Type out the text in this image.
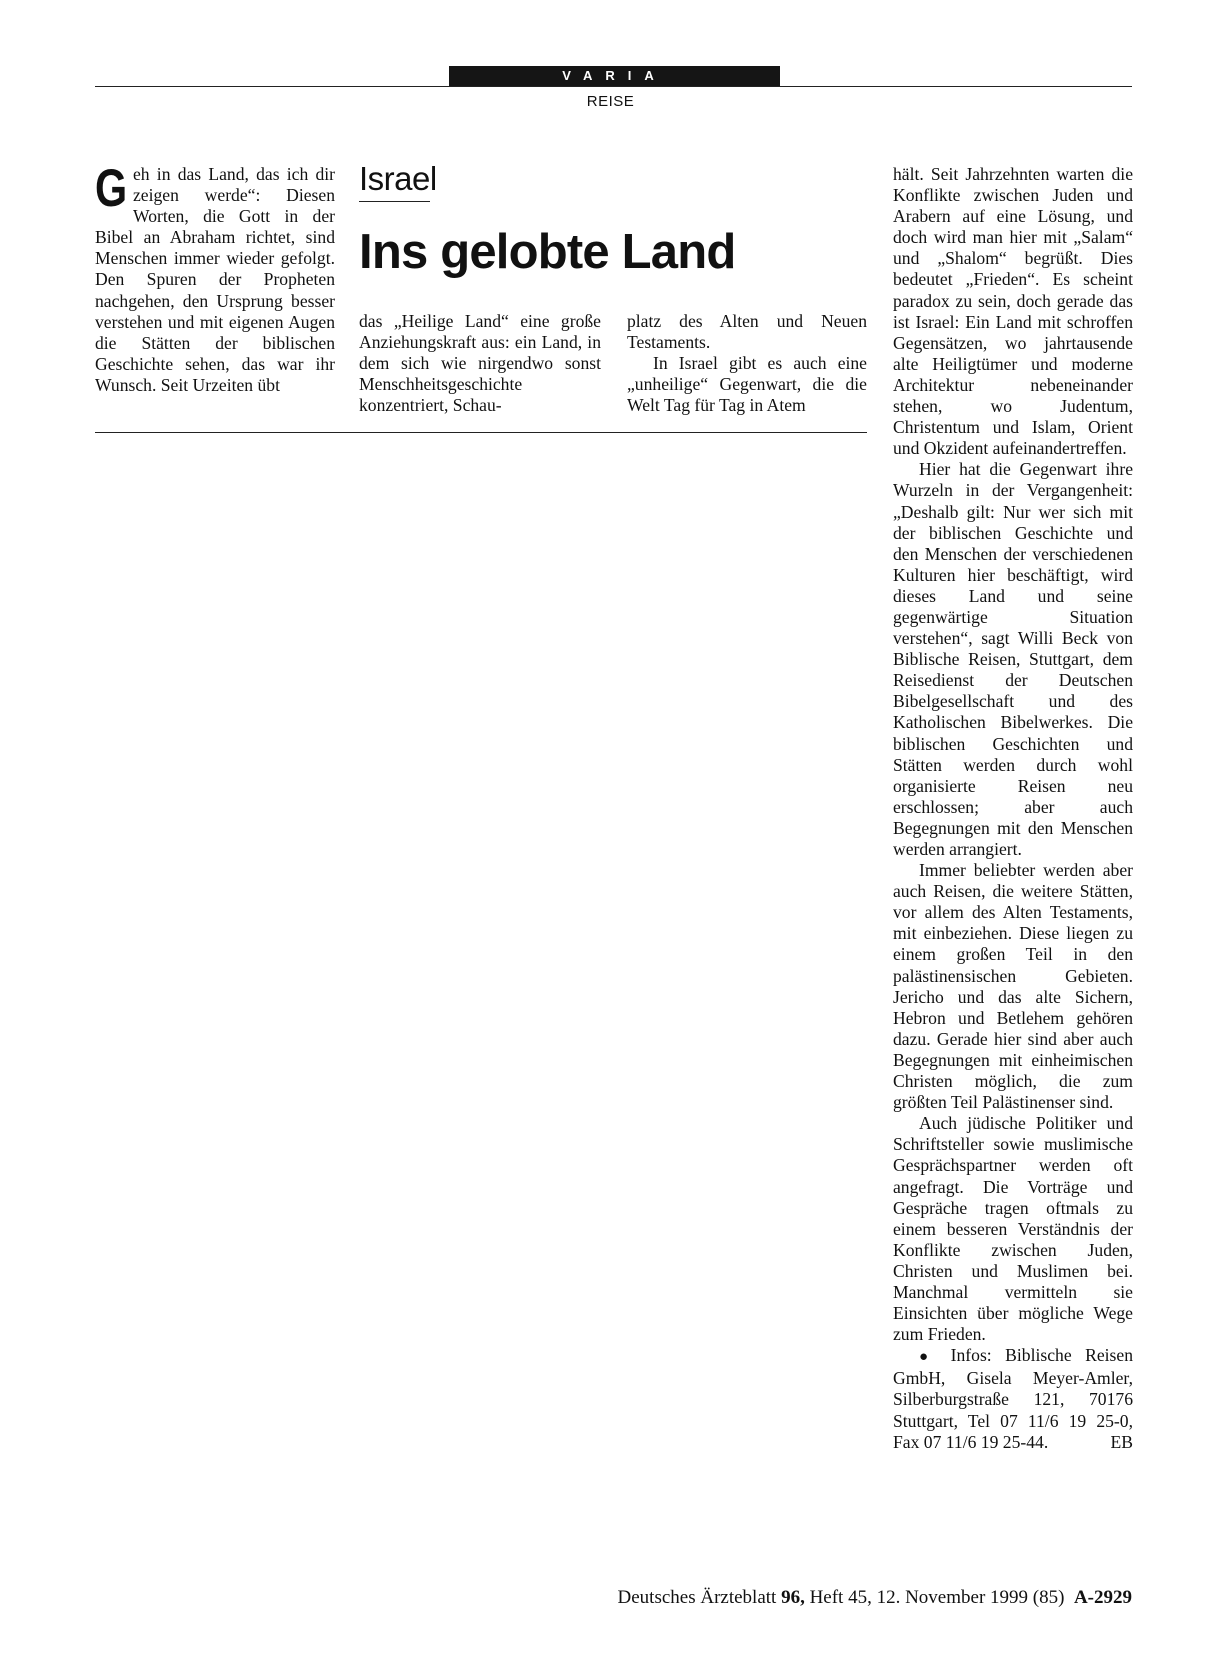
VARIA
REISE
G eh in das Land, das ich dir zeigen werde“: Diesen Worten, die Gott in der Bibel an Abraham richtet, sind Menschen immer wieder gefolgt. Den Spuren der Propheten nachgehen, den Ursprung besser verstehen und mit eigenen Augen die Stätten der biblischen Geschichte sehen, das war ihr Wunsch. Seit Urzeiten übt
Israel
Ins gelobte Land

das „Heilige Land“ eine große Anziehungskraft aus: ein Land, in dem sich wie nirgendwo sonst Menschheitsgeschichte konzentriert, Schau-

platz des Alten und Neuen Testaments.

In Israel gibt es auch eine „unheilige“ Gegenwart, die die Welt Tag für Tag in Atem

hält. Seit Jahrzehnten warten die Konflikte zwischen Juden und Arabern auf eine Lösung, und doch wird man hier mit „Salam“ und „Shalom“ begrüßt. Dies bedeutet „Frieden“. Es scheint paradox zu sein, doch gerade das ist Israel: Ein Land mit schroffen Gegensätzen, wo jahrtausende alte Heiligtümer und moderne Architektur nebeneinander stehen, wo Judentum, Christentum und Islam, Orient und Okzident aufeinandertreffen.

Hier hat die Gegenwart ihre Wurzeln in der Vergangenheit: „Deshalb gilt: Nur wer sich mit der biblischen Geschichte und den Menschen der verschiedenen Kulturen hier beschäftigt, wird dieses Land und seine gegenwärtige Situation verstehen“, sagt Willi Beck von Biblische Reisen, Stuttgart, dem Reisedienst der Deutschen Bibelgesellschaft und des Katholischen Bibelwerkes. Die biblischen Geschichten und Stätten werden durch wohl organisierte Reisen neu erschlossen; aber auch Begegnungen mit den Menschen werden arrangiert.

Immer beliebter werden aber auch Reisen, die weitere Stätten, vor allem des Alten Testaments, mit einbeziehen. Diese liegen zu einem großen Teil in den palästinensischen Gebieten. Jericho und das alte Sichern, Hebron und Betlehem gehören dazu. Gerade hier sind aber auch Begegnungen mit einheimischen Christen möglich, die zum größten Teil Palästinenser sind.

Auch jüdische Politiker und Schriftsteller sowie muslimische Gesprächspartner werden oft angefragt. Die Vorträge und Gespräche tragen oftmals zu einem besseren Verständnis der Konflikte zwischen Juden, Christen und Muslimen bei. Manchmal vermitteln sie Einsichten über mögliche Wege zum Frieden.

● Infos: Biblische Reisen GmbH, Gisela Meyer-Amler, Silberburgstraße 121, 70176 Stuttgart, Tel 07 11/6 19 25-0, Fax 07 11/6 19 25-44.	EB

Deutsches Ärzteblatt 96, Heft 45, 12. November 1999 (85) A-2929
